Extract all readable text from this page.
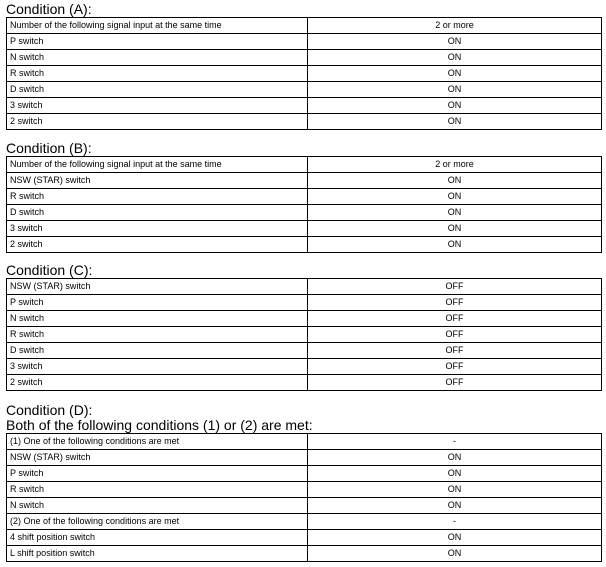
Condition (A):
Number of the following signal input at the same time	2 or more
P switch	ON
N switch	ON
R switch	ON
D switch	ON
3 switch	ON
2 switch	ON
Condition (B):
Number of the following signal input at the same time	2 or more
NSW (STAR) switch	ON
R switch	ON
D switch	ON
3 switch	ON
2 switch	ON
Condition (C):
NSW (STAR) switch	OFF
P switch	OFF
N switch	OFF
R switch	OFF
D switch	OFF
3 switch	OFF
2 switch	OFF
Condition (D):
Both of the following conditions (1) or (2) are met:
(1) One of the following conditions are met	-
NSW (STAR) switch	ON
P switch	ON
R switch	ON
N switch	ON
(2) One of the following conditions are met	-
4 shift position switch	ON
L shift position switch	ON
